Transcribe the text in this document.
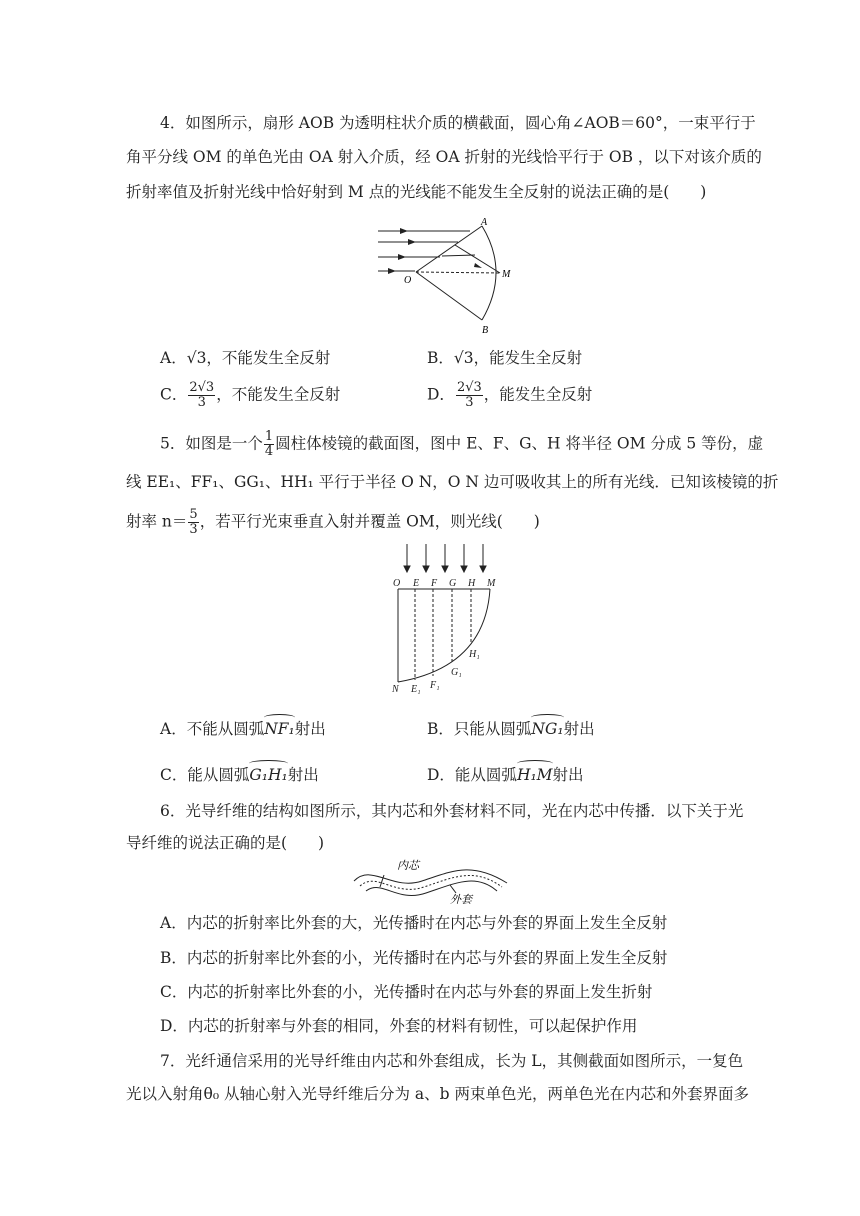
4．如图所示，扇形 AOB 为透明柱状介质的横截面，圆心角∠AOB＝60°，一束平行于
角平分线 OM 的单色光由 OA 射入介质，经 OA 折射的光线恰平行于 OB ，以下对该介质的
折射率值及折射光线中恰好射到 M 点的光线能不能发生全反射的说法正确的是(　　)
A
O
M
B
A．√3，不能发生全反射	B．√3，能发生全反射
C． $\frac{2√3}{3}$ ，不能发生全反射	D． $\frac{2√3}{3}$ ，能发生全反射
5．如图是一个 $\frac{1}{4}$ 圆柱体棱镜的截面图，图中 E、F、G、H 将半径 OM 分成 5 等份，虚
线 EE₁、FF₁、GG₁、HH₁ 平行于半径 O N，O N 边可吸收其上的所有光线．已知该棱镜的折
射率 $n= \frac{5}{3}$ ，若平行光束垂直入射并覆盖 OM，则光线(　　)
O E F G H M
N E₁ F₁
G₁
H₁
A．不能从圆弧NF₁射出	B．只能从圆弧NG₁射出
C．能从圆弧G₁H₁射出	D．能从圆弧H₁M射出
6．光导纤维的结构如图所示，其内芯和外套材料不同，光在内芯中传播．以下关于光
导纤维的说法正确的是(　　)
内芯
外套
A．内芯的折射率比外套的大，光传播时在内芯与外套的界面上发生全反射
B．内芯的折射率比外套的小，光传播时在内芯与外套的界面上发生全反射
C．内芯的折射率比外套的小，光传播时在内芯与外套的界面上发生折射
D．内芯的折射率与外套的相同，外套的材料有韧性，可以起保护作用
7．光纤通信采用的光导纤维由内芯和外套组成，长为 L，其侧截面如图所示，一复色
光以入射角θ₀ 从轴心射入光导纤维后分为 a、b 两束单色光，两单色光在内芯和外套界面多
